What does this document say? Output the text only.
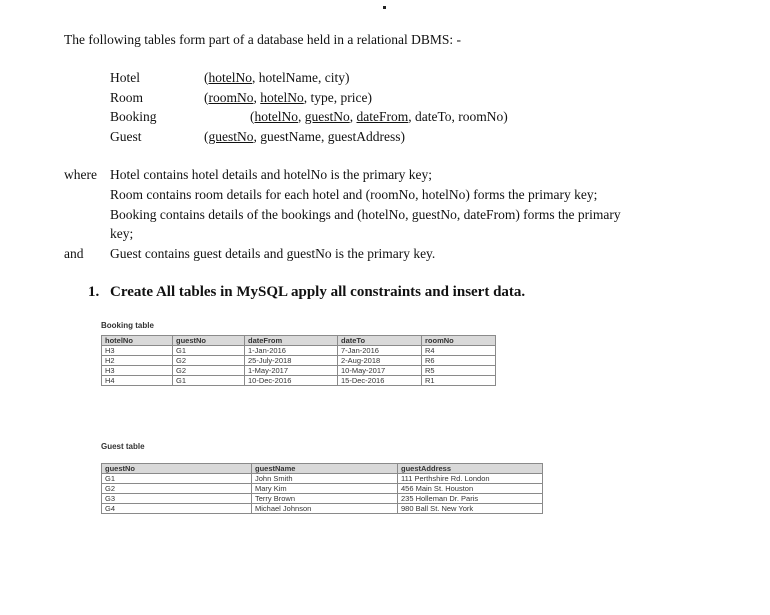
The following tables form part of a database held in a relational DBMS: -
Hotel	(hotelNo, hotelName, city)
Room	(roomNo, hotelNo, type, price)
Booking	(hotelNo, guestNo, dateFrom, dateTo, roomNo)
Guest	(guestNo, guestName, guestAddress)
where Hotel contains hotel details and hotelNo is the primary key;
Room contains room details for each hotel and (roomNo, hotelNo) forms the primary key;
Booking contains details of the bookings and (hotelNo, guestNo, dateFrom) forms the primary
key;
and Guest contains guest details and guestNo is the primary key.
1. Create All tables in MySQL apply all constraints and insert data.
Booking table
hotelNo	guestNo	dateFrom	dateTo	roomNo
H3	G1	1-Jan-2016	7-Jan-2016	R4
H2	G2	25-July-2018	2-Aug-2018	R6
H3	G2	1-May-2017	10-May-2017	R5
H4	G1	10-Dec-2016	15-Dec-2016	R1
Guest table
guestNo	guestName	guestAddress
G1	John Smith	111 Perthshire Rd. London
G2	Mary Kim	456 Main St. Houston
G3	Terry Brown	235 Holleman Dr. Paris
G4	Michael Johnson	980 Ball St. New York
